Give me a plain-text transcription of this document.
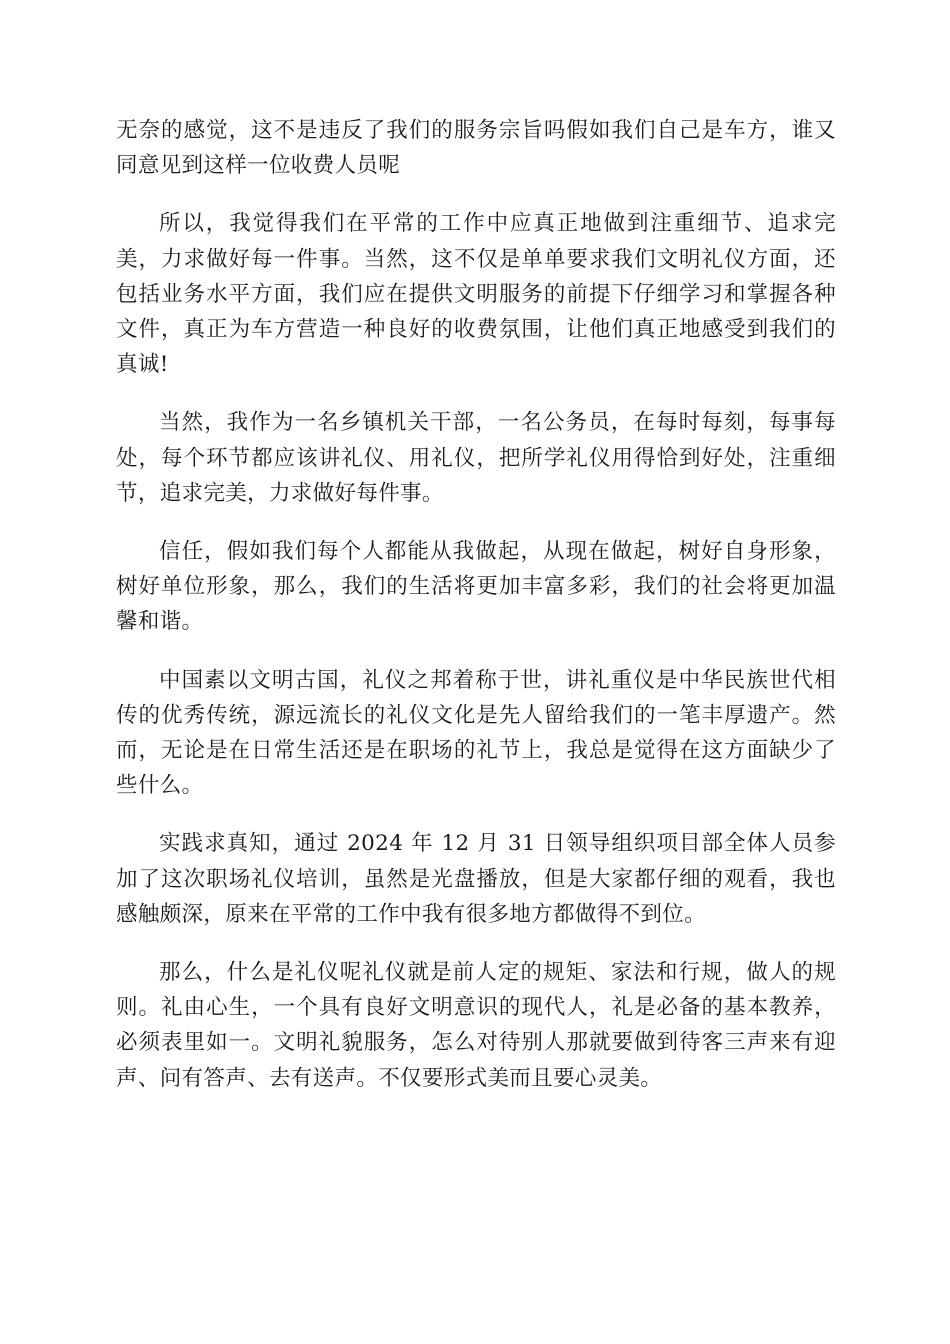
无奈的感觉，这不是违反了我们的服务宗旨吗假如我们自己是车方，谁又同意见到这样一位收费人员呢

所以，我觉得我们在平常的工作中应真正地做到注重细节、追求完美，力求做好每一件事。当然，这不仅是单单要求我们文明礼仪方面，还包括业务水平方面，我们应在提供文明服务的前提下仔细学习和掌握各种文件，真正为车方营造一种良好的收费氛围，让他们真正地感受到我们的真诚!

当然，我作为一名乡镇机关干部，一名公务员，在每时每刻，每事每处，每个环节都应该讲礼仪、用礼仪，把所学礼仪用得恰到好处，注重细节，追求完美，力求做好每件事。

信任，假如我们每个人都能从我做起，从现在做起，树好自身形象，树好单位形象，那么，我们的生活将更加丰富多彩，我们的社会将更加温馨和谐。

中国素以文明古国，礼仪之邦着称于世，讲礼重仪是中华民族世代相传的优秀传统，源远流长的礼仪文化是先人留给我们的一笔丰厚遗产。然而，无论是在日常生活还是在职场的礼节上，我总是觉得在这方面缺少了些什么。

实践求真知，通过 2024 年 12 月 31 日领导组织项目部全体人员参加了这次职场礼仪培训，虽然是光盘播放，但是大家都仔细的观看，我也感触颇深，原来在平常的工作中我有很多地方都做得不到位。

那么，什么是礼仪呢礼仪就是前人定的规矩、家法和行规，做人的规则。礼由心生，一个具有良好文明意识的现代人，礼是必备的基本教养，必须表里如一。文明礼貌服务，怎么对待别人那就要做到待客三声来有迎声、问有答声、去有送声。不仅要形式美而且要心灵美。
